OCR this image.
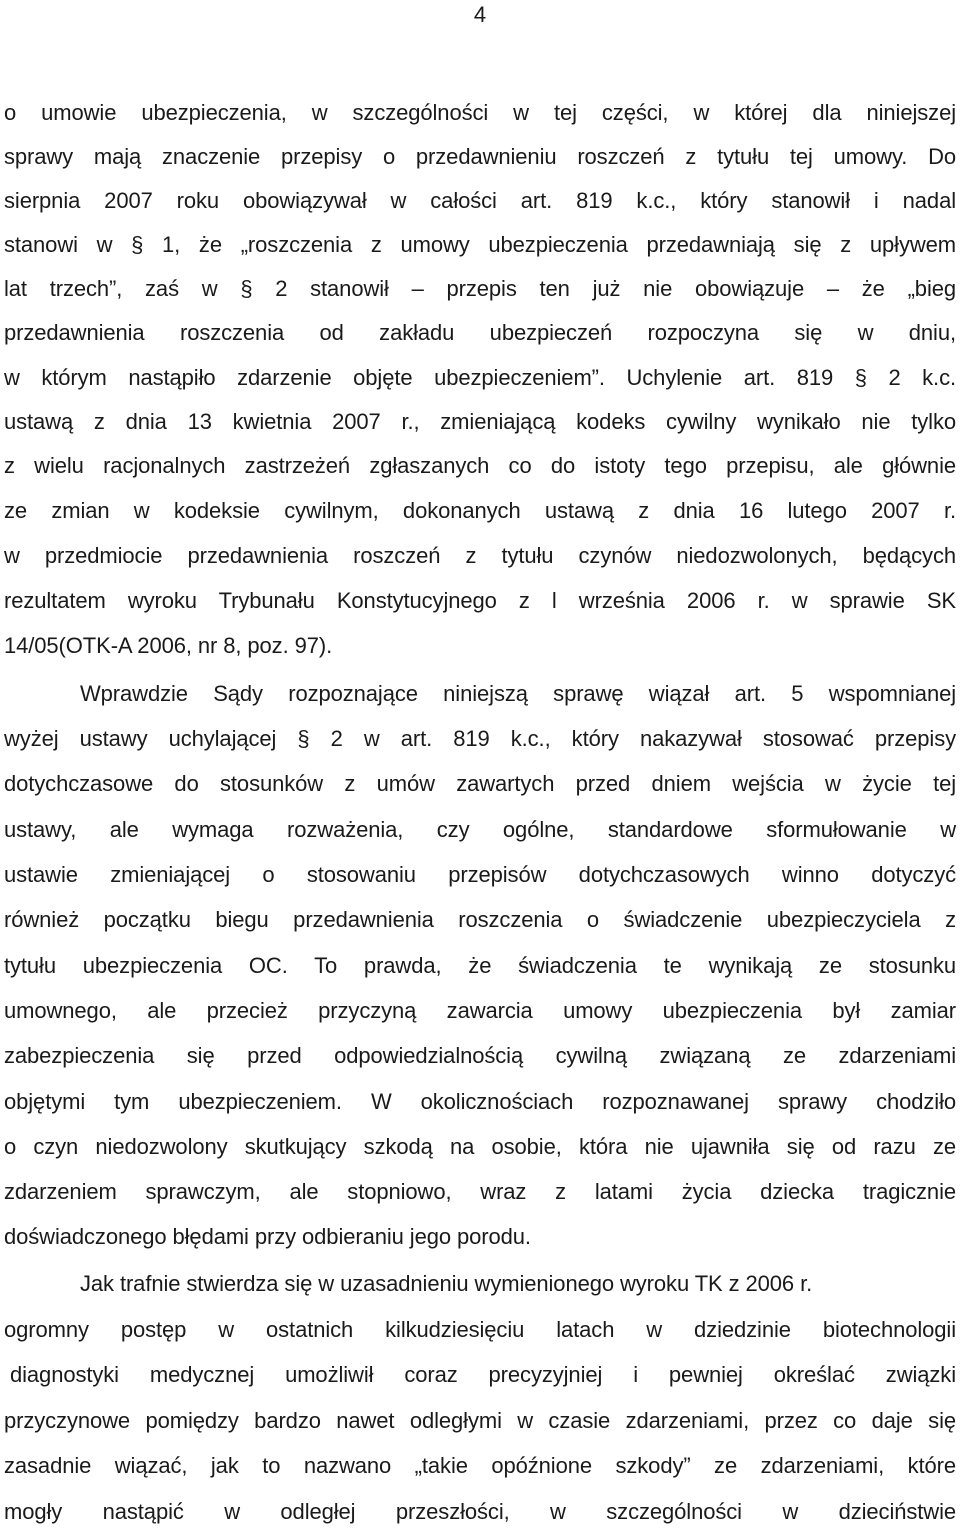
4
o umowie ubezpieczenia, w szczególności w tej części, w której dla niniejszej
sprawy mają znaczenie przepisy o przedawnieniu roszczeń z tytułu tej umowy. Do
sierpnia 2007 roku obowiązywał w całości art. 819 k.c., który stanowił i nadal
stanowi w § 1, że „roszczenia z umowy ubezpieczenia przedawniają się z upływem
lat trzech”, zaś w § 2 stanowił – przepis ten już nie obowiązuje – że „bieg
przedawnienia roszczenia od zakładu ubezpieczeń rozpoczyna się w dniu,
w którym nastąpiło zdarzenie objęte ubezpieczeniem”. Uchylenie art. 819 § 2 k.c.
ustawą z dnia 13 kwietnia 2007 r., zmieniającą kodeks cywilny wynikało nie tylko
z wielu racjonalnych zastrzeżeń zgłaszanych co do istoty tego przepisu, ale głównie
ze zmian w kodeksie cywilnym, dokonanych ustawą z dnia 16 lutego 2007 r.
w przedmiocie przedawnienia roszczeń z tytułu czynów niedozwolonych, będących
rezultatem wyroku Trybunału Konstytucyjnego z l września 2006 r. w sprawie SK
14/05(OTK-A 2006, nr 8, poz. 97).
Wprawdzie Sądy rozpoznające niniejszą sprawę wiązał art. 5 wspomnianej
wyżej ustawy uchylającej § 2 w art. 819 k.c., który nakazywał stosować przepisy
dotychczasowe do stosunków z umów zawartych przed dniem wejścia w życie tej
ustawy, ale wymaga rozważenia, czy ogólne, standardowe sformułowanie w
ustawie zmieniającej o stosowaniu przepisów dotychczasowych winno dotyczyć
również początku biegu przedawnienia roszczenia o świadczenie ubezpieczyciela z
tytułu ubezpieczenia OC. To prawda, że świadczenia te wynikają ze stosunku
umownego, ale przecież przyczyną zawarcia umowy ubezpieczenia był zamiar
zabezpieczenia się przed odpowiedzialnością cywilną związaną ze zdarzeniami
objętymi tym ubezpieczeniem. W okolicznościach rozpoznawanej sprawy chodziło
o czyn niedozwolony skutkujący szkodą na osobie, która nie ujawniła się od razu ze
zdarzeniem sprawczym, ale stopniowo, wraz z latami życia dziecka tragicznie
doświadczonego błędami przy odbieraniu jego porodu.
Jak trafnie stwierdza się w uzasadnieniu wymienionego wyroku TK z 2006 r.
ogromny postęp w ostatnich kilkudziesięciu latach w dziedzinie biotechnologii
diagnostyki medycznej umożliwił coraz precyzyjniej i pewniej określać związki
przyczynowe pomiędzy bardzo nawet odległymi w czasie zdarzeniami, przez co daje się
zasadnie wiązać, jak to nazwano „takie opóźnione szkody” ze zdarzeniami, które
mogły nastąpić w odległej przeszłości, w szczególności w dzieciństwie
